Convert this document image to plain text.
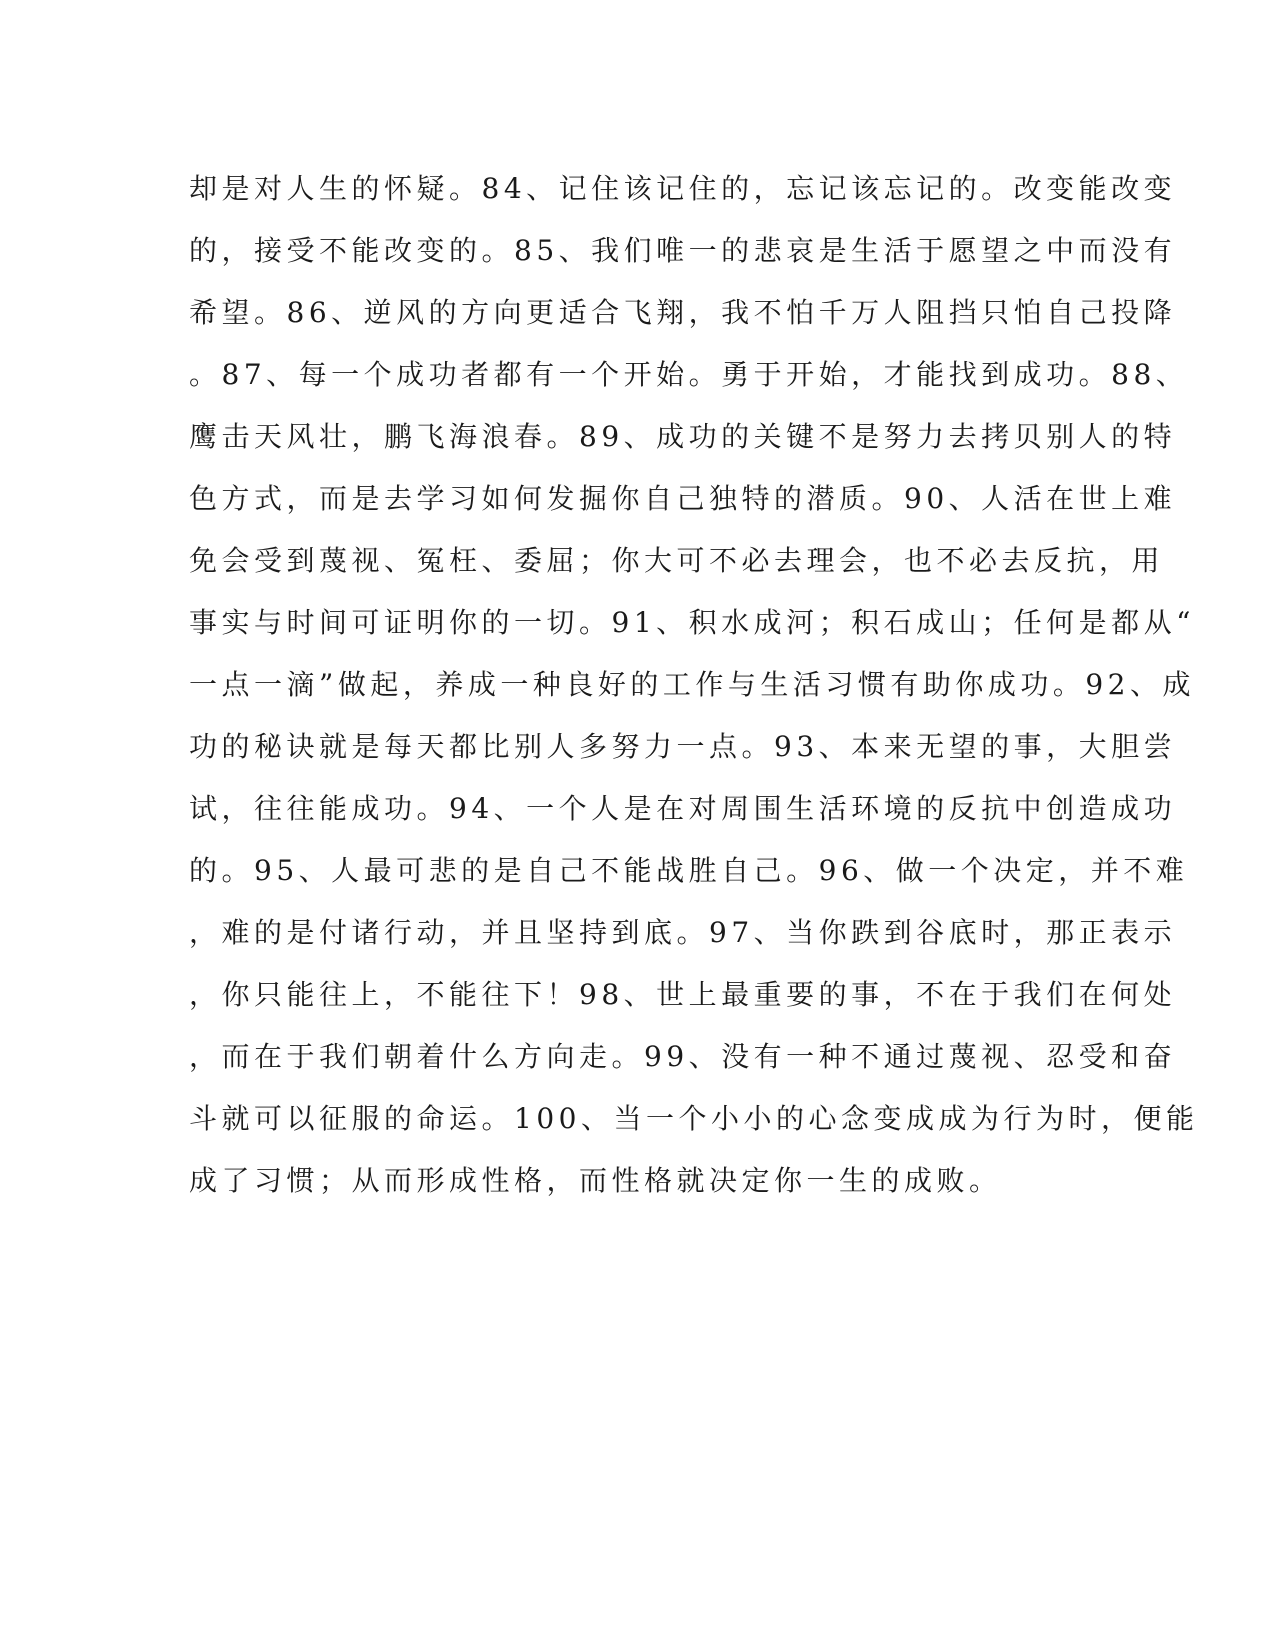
却是对人生的怀疑。84、记住该记住的，忘记该忘记的。改变能改变
的，接受不能改变的。85、我们唯一的悲哀是生活于愿望之中而没有
希望。86、逆风的方向更适合飞翔，我不怕千万人阻挡只怕自己投降
。87、每一个成功者都有一个开始。勇于开始，才能找到成功。88、
鹰击天风壮，鹏飞海浪春。89、成功的关键不是努力去拷贝别人的特
色方式，而是去学习如何发掘你自己独特的潜质。90、人活在世上难
免会受到蔑视、冤枉、委屈；你大可不必去理会，也不必去反抗，用
事实与时间可证明你的一切。91、积水成河；积石成山；任何是都从“
一点一滴”做起，养成一种良好的工作与生活习惯有助你成功。92、成
功的秘诀就是每天都比别人多努力一点。93、本来无望的事，大胆尝
试，往往能成功。94、一个人是在对周围生活环境的反抗中创造成功
的。95、人最可悲的是自己不能战胜自己。96、做一个决定，并不难
，难的是付诸行动，并且坚持到底。97、当你跌到谷底时，那正表示
，你只能往上，不能往下！98、世上最重要的事，不在于我们在何处
，而在于我们朝着什么方向走。99、没有一种不通过蔑视、忍受和奋
斗就可以征服的命运。100、当一个小小的心念变成成为行为时，便能
成了习惯；从而形成性格，而性格就决定你一生的成败。
